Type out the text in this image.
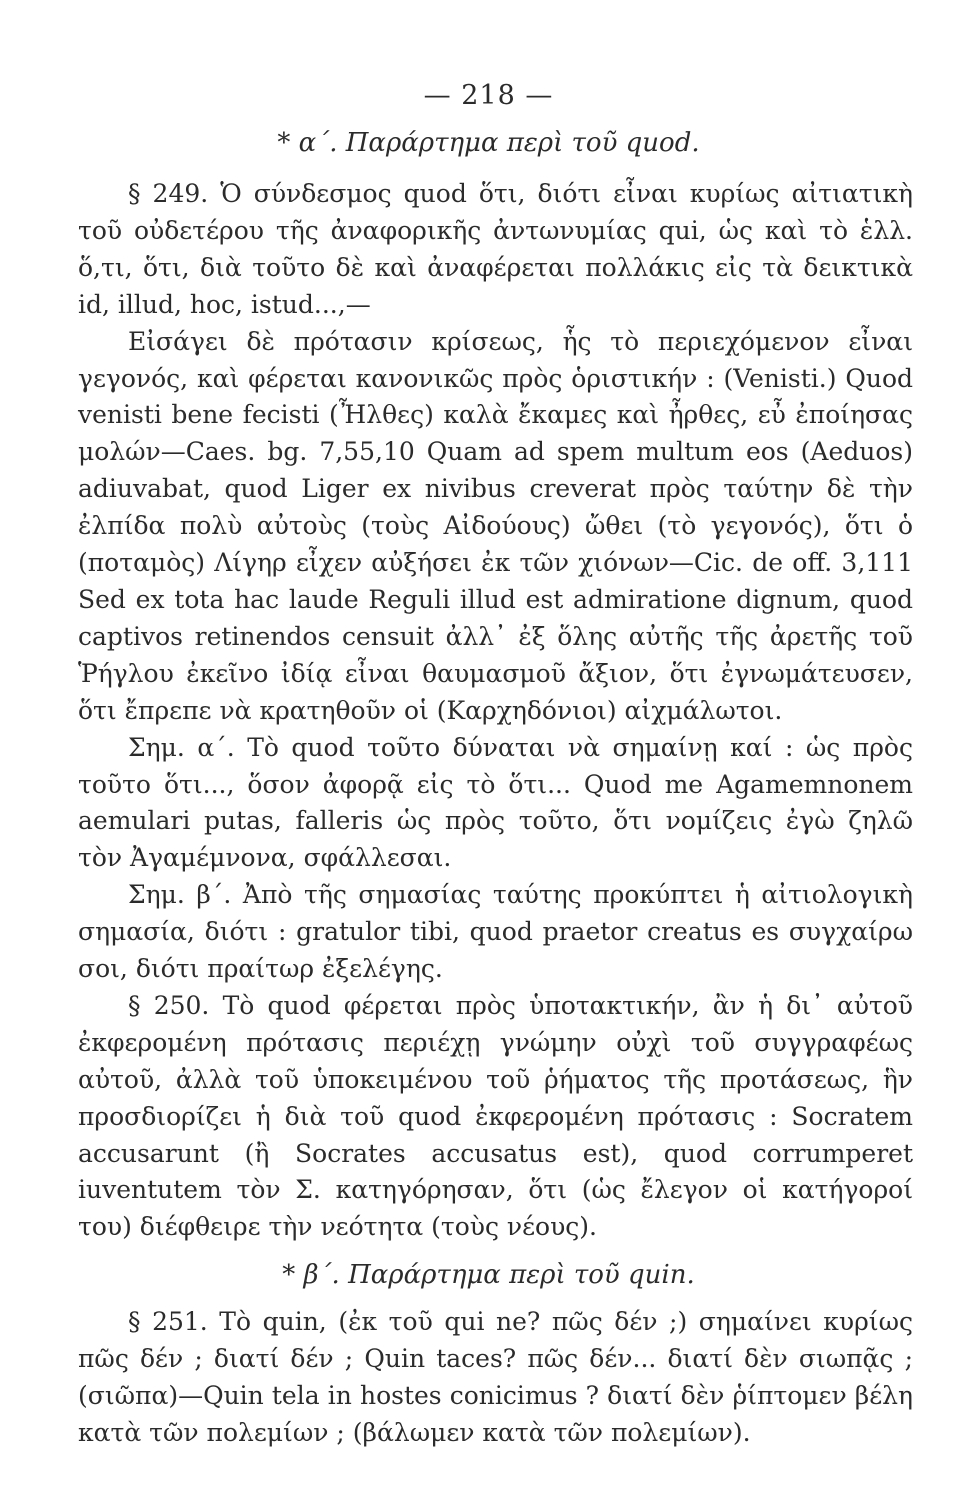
— 218 —
* α΄. Παράρτημα περὶ τοῦ quod.

§ 249. Ὁ σύνδεσμος quod ὅτι, διότι εἶναι κυρίως αἰτιατικὴ τοῦ οὐδετέρου τῆς ἀναφορικῆς ἀντωνυμίας qui, ὡς καὶ τὸ ἑλλ. ὅ,τι, ὅτι, διὰ τοῦτο δὲ καὶ ἀναφέρεται πολλάκις εἰς τὰ δεικτικὰ id, illud, hoc, istud...,—

Εἰσάγει δὲ πρότασιν κρίσεως, ἧς τὸ περιεχόμενον εἶναι γεγονός, καὶ φέρεται κανονικῶς πρὸς ὁριστικήν : (Venisti.) Quod venisti bene fecisti (Ἦλθες) καλὰ ἔκαμες καὶ ἦρθες, εὖ ἐποίησας μολών—Caes. bg. 7,55,10 Quam ad spem multum eos (Aeduos) adiuvabat, quod Liger ex nivibus creverat πρὸς ταύτην δὲ τὴν ἐλπίδα πολὺ αὐτοὺς (τοὺς Αἰδούους) ὤθει (τὸ γεγονός), ὅτι ὁ (ποταμὸς) Λίγηρ εἶχεν αὐξήσει ἐκ τῶν χιόνων—Cic. de off. 3,111 Sed ex tota hac laude Reguli illud est admiratione dignum, quod captivos retinendos censuit ἀλλ᾽ ἐξ ὅλης αὐτῆς τῆς ἀρετῆς τοῦ Ῥήγλου ἐκεῖνο ἰδίᾳ εἶναι θαυμασμοῦ ἄξιον, ὅτι ἐγνωμάτευσεν, ὅτι ἔπρεπε νὰ κρατηθοῦν οἱ (Καρχηδόνιοι) αἰχμάλωτοι.

Σημ. α΄. Τὸ quod τοῦτο δύναται νὰ σημαίνῃ καί : ὡς πρὸς τοῦτο ὅτι..., ὅσον ἀφορᾷ εἰς τὸ ὅτι... Quod me Agamemnonem aemulari putas, falleris ὡς πρὸς τοῦτο, ὅτι νομίζεις ἐγὼ ζηλῶ τὸν Ἀγαμέμνονα, σφάλλεσαι.

Σημ. β΄. Ἀπὸ τῆς σημασίας ταύτης προκύπτει ἡ αἰτιολογικὴ σημασία, διότι : gratulor tibi, quod praetor creatus es συγχαίρω σοι, διότι πραίτωρ ἐξελέγης.

§ 250. Τὸ quod φέρεται πρὸς ὑποτακτικήν, ἂν ἡ δι᾽ αὐτοῦ ἐκφερομένη πρότασις περιέχῃ γνώμην οὐχὶ τοῦ συγγραφέως αὐτοῦ, ἀλλὰ τοῦ ὑποκειμένου τοῦ ῥήματος τῆς προτάσεως, ἣν προσδιορίζει ἡ διὰ τοῦ quod ἐκφερομένη πρότασις : Socratem accusarunt (ἢ Socrates accusatus est), quod corrumperet iuventutem τὸν Σ. κατηγόρησαν, ὅτι (ὡς ἔλεγον οἱ κατήγοροί του) διέφθειρε τὴν νεότητα (τοὺς νέους).

* β΄. Παράρτημα περὶ τοῦ quin.

§ 251. Τὸ quin, (ἐκ τοῦ qui ne? πῶς δέν ;) σημαίνει κυρίως πῶς δέν ; διατί δέν ; Quin taces? πῶς δέν... διατί δὲν σιωπᾷς ; (σιῶπα)—Quin tela in hostes conicimus ? διατί δὲν ῥίπτομεν βέλη κατὰ τῶν πολεμίων ; (βάλωμεν κατὰ τῶν πολεμίων).
